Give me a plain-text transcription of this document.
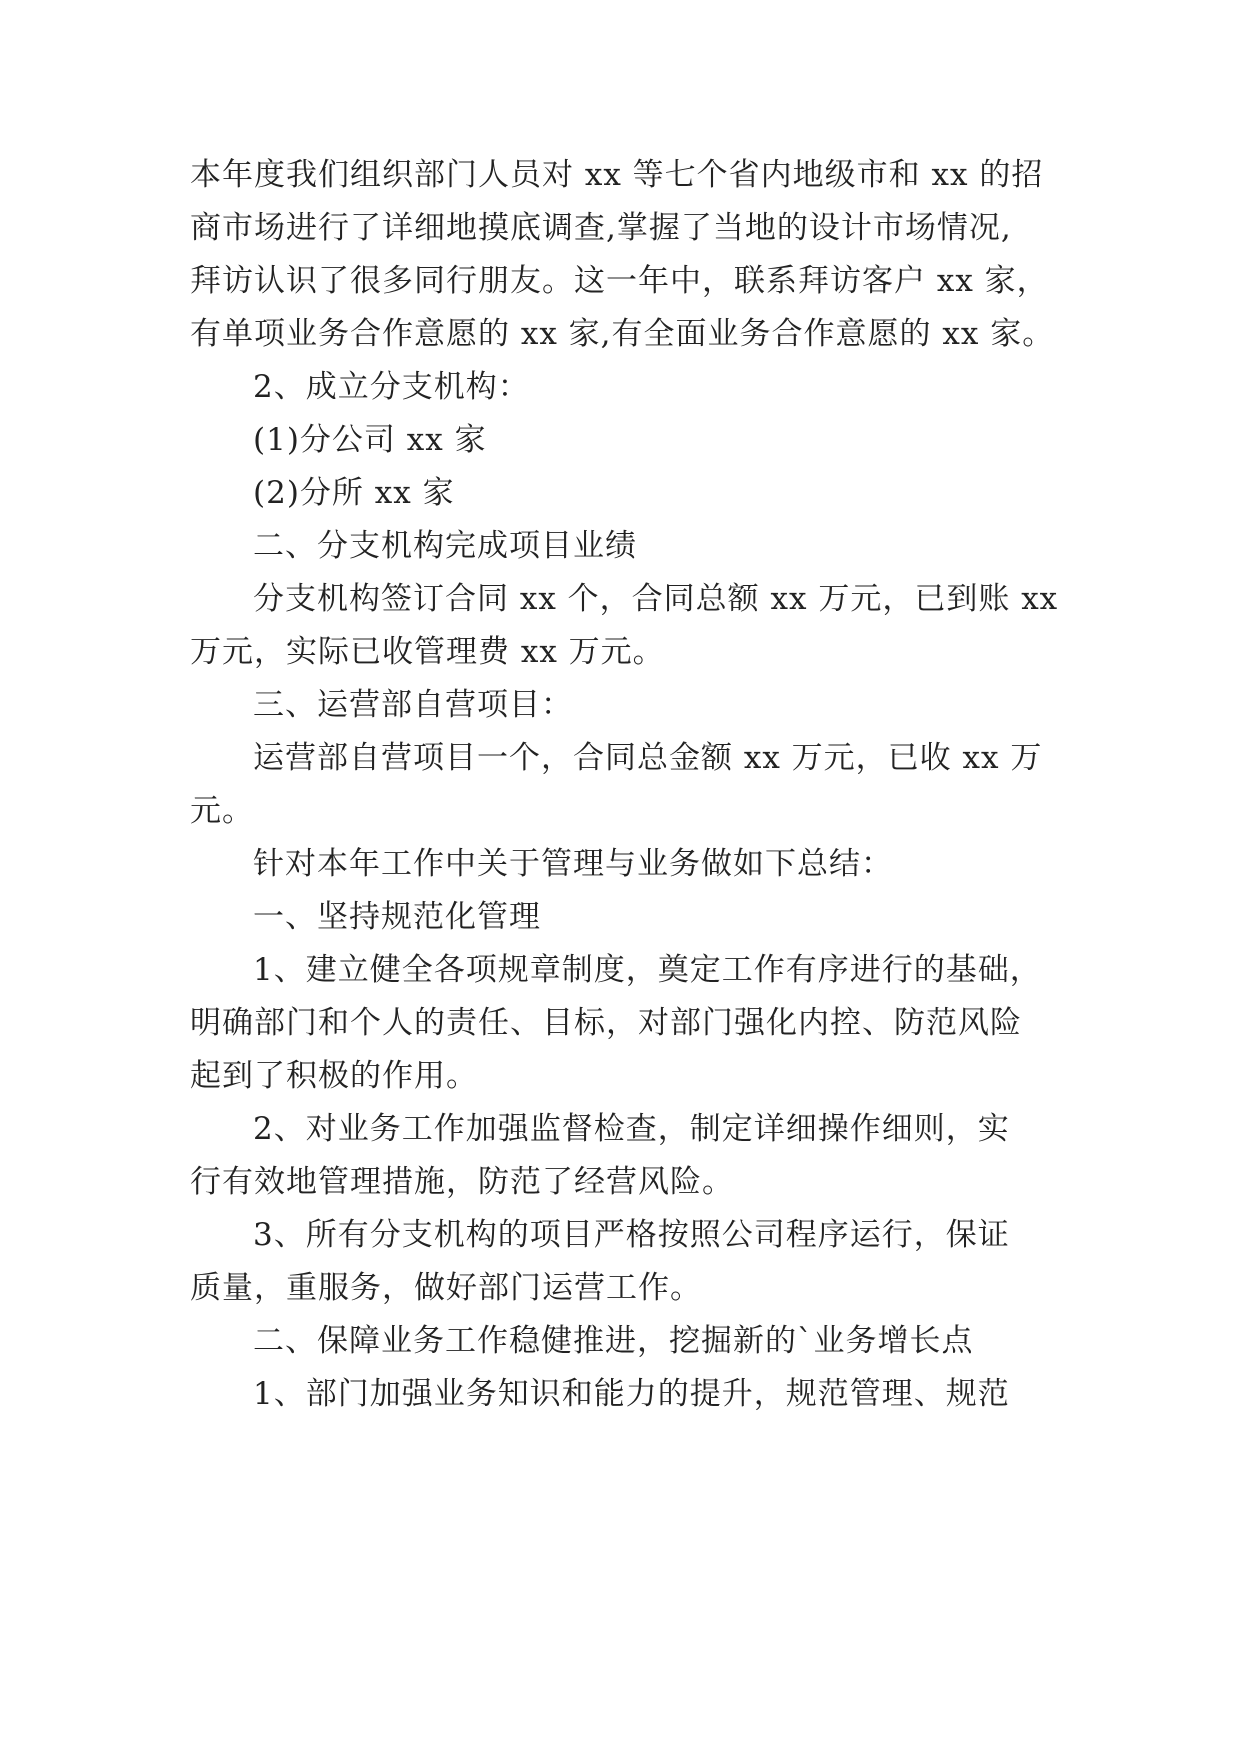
本年度我们组织部门人员对 xx 等七个省内地级市和 xx 的招
商市场进行了详细地摸底调查,掌握了当地的设计市场情况,
拜访认识了很多同行朋友。这一年中，联系拜访客户 xx 家，
有单项业务合作意愿的 xx 家,有全面业务合作意愿的 xx 家。
2、成立分支机构：
(1)分公司 xx 家
(2)分所 xx 家
二、分支机构完成项目业绩
分支机构签订合同 xx 个，合同总额 xx 万元，已到账 xx
万元，实际已收管理费 xx 万元。
三、运营部自营项目：
运营部自营项目一个，合同总金额 xx 万元，已收 xx 万
元。
针对本年工作中关于管理与业务做如下总结：
一、坚持规范化管理
1、建立健全各项规章制度，奠定工作有序进行的基础，
明确部门和个人的责任、目标，对部门强化内控、防范风险
起到了积极的作用。
2、对业务工作加强监督检查，制定详细操作细则，实
行有效地管理措施，防范了经营风险。
3、所有分支机构的项目严格按照公司程序运行，保证
质量，重服务，做好部门运营工作。
二、保障业务工作稳健推进，挖掘新的`业务增长点
1、部门加强业务知识和能力的提升，规范管理、规范
